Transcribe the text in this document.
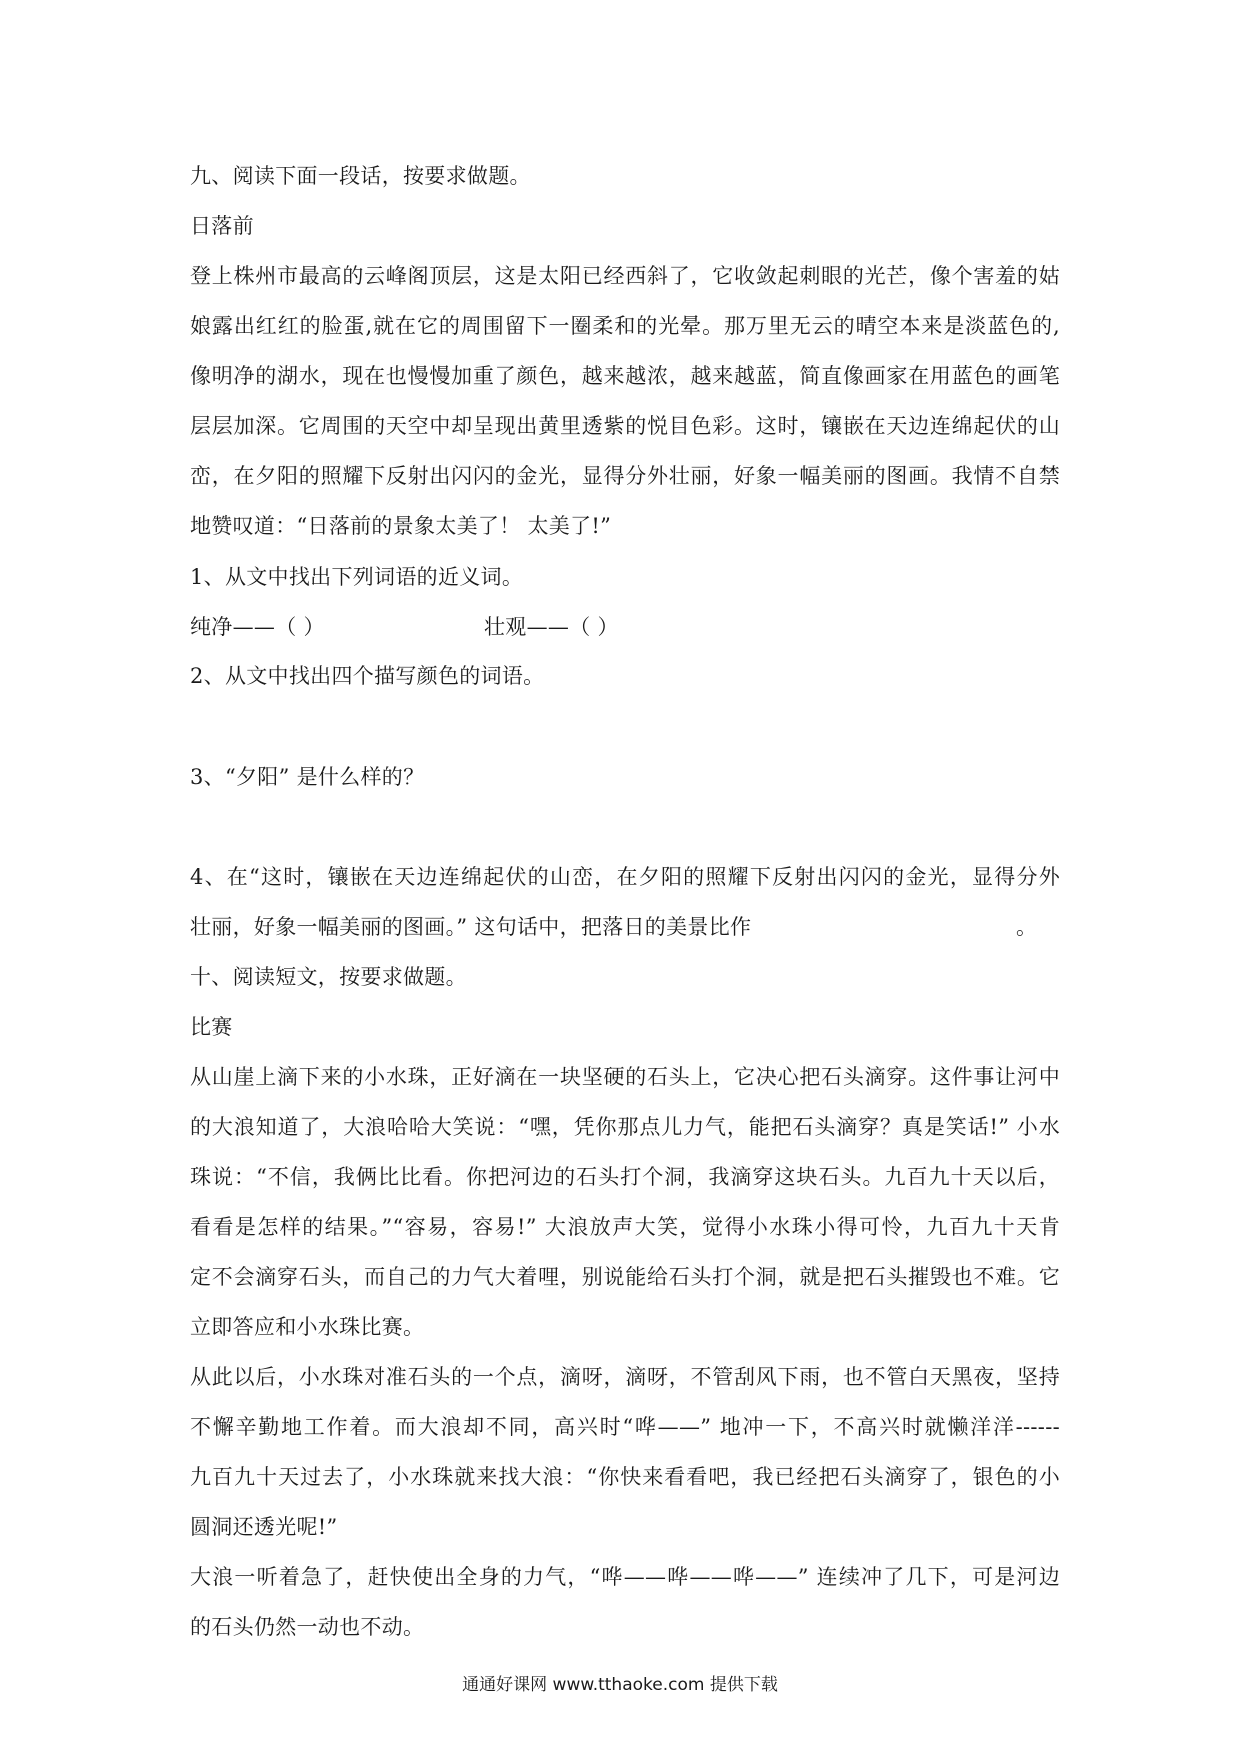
九、阅读下面一段话，按要求做题。
日落前
登上株州市最高的云峰阁顶层，这是太阳已经西斜了，它收敛起刺眼的光芒，像个害羞的姑
娘露出红红的脸蛋,就在它的周围留下一圈柔和的光晕。那万里无云的晴空本来是淡蓝色的,
像明净的湖水，现在也慢慢加重了颜色，越来越浓，越来越蓝，简直像画家在用蓝色的画笔
层层加深。它周围的天空中却呈现出黄里透紫的悦目色彩。这时，镶嵌在天边连绵起伏的山
峦，在夕阳的照耀下反射出闪闪的金光，显得分外壮丽，好象一幅美丽的图画。我情不自禁
地赞叹道：“日落前的景象太美了！ 太美了!”
1、从文中找出下列词语的近义词。
纯净——（ ）	壮观——（ ）
2、从文中找出四个描写颜色的词语。
3、“夕阳” 是什么样的？
4、在“这时，镶嵌在天边连绵起伏的山峦，在夕阳的照耀下反射出闪闪的金光，显得分外
壮丽，好象一幅美丽的图画。” 这句话中，把落日的美景比作	。
十、阅读短文，按要求做题。
比赛
从山崖上滴下来的小水珠，正好滴在一块坚硬的石头上，它决心把石头滴穿。这件事让河中
的大浪知道了，大浪哈哈大笑说：“嘿，凭你那点儿力气，能把石头滴穿？真是笑话!” 小水
珠说：“不信，我俩比比看。你把河边的石头打个洞，我滴穿这块石头。九百九十天以后，
看看是怎样的结果。”“容易，容易!” 大浪放声大笑，觉得小水珠小得可怜，九百九十天肯
定不会滴穿石头，而自己的力气大着哩，别说能给石头打个洞，就是把石头摧毁也不难。它
立即答应和小水珠比赛。
从此以后，小水珠对准石头的一个点，滴呀，滴呀，不管刮风下雨，也不管白天黑夜，坚持
不懈辛勤地工作着。而大浪却不同，高兴时“哗——” 地冲一下，不高兴时就懒洋洋------
九百九十天过去了，小水珠就来找大浪：“你快来看看吧，我已经把石头滴穿了，银色的小
圆洞还透光呢!”
大浪一听着急了，赶快使出全身的力气，“哗——哗——哗——” 连续冲了几下，可是河边
的石头仍然一动也不动。
通通好课网 www.tthaoke.com 提供下载
